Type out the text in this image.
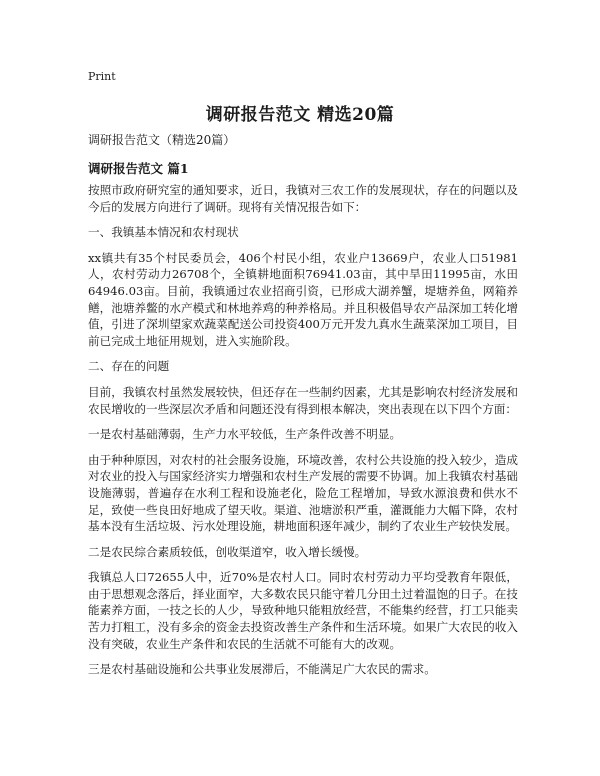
Print
调研报告范文 精选20篇

调研报告范文（精选20篇）

调研报告范文 篇1

按照市政府研究室的通知要求，近日，我镇对三农工作的发展现状，存在的问题以及今后的发展方向进行了调研。现将有关情况报告如下：

一、我镇基本情况和农村现状

xx镇共有35个村民委员会，406个村民小组，农业户13669户，农业人口51981人，农村劳动力26708个，全镇耕地面积76941.03亩，其中旱田11995亩，水田64946.03亩。目前，我镇通过农业招商引资，已形成大湖养蟹，堤塘养鱼，网箱养鳝，池塘养鳖的水产模式和林地养鸡的种养格局。并且积极倡导农产品深加工转化增值，引进了深圳望家欢蔬菜配送公司投资400万元开发九真水生蔬菜深加工项目，目前已完成土地征用规划，进入实施阶段。

二、存在的问题

目前，我镇农村虽然发展较快，但还存在一些制约因素，尤其是影响农村经济发展和农民增收的一些深层次矛盾和问题还没有得到根本解决，突出表现在以下四个方面：

一是农村基础薄弱，生产力水平较低，生产条件改善不明显。

由于种种原因，对农村的社会服务设施，环境改善，农村公共设施的投入较少，造成对农业的投入与国家经济实力增强和农村生产发展的需要不协调。加上我镇农村基础设施薄弱，普遍存在水利工程和设施老化，险危工程增加，导致水源浪费和供水不足，致使一些良田好地成了望天收。渠道、池塘淤积严重，灌溉能力大幅下降，农村基本没有生活垃圾、污水处理设施，耕地面积逐年减少，制约了农业生产较快发展。

二是农民综合素质较低，创收渠道窄，收入增长缓慢。

我镇总人口72655人中，近70%是农村人口。同时农村劳动力平均受教育年限低，由于思想观念落后，择业面窄，大多数农民只能守着几分田土过着温饱的日子。在技能素养方面，一技之长的人少，导致种地只能粗放经营，不能集约经营，打工只能卖苦力打粗工，没有多余的资金去投资改善生产条件和生活环境。如果广大农民的收入没有突破，农业生产条件和农民的生活就不可能有大的改观。

三是农村基础设施和公共事业发展滞后，不能满足广大农民的需求。
